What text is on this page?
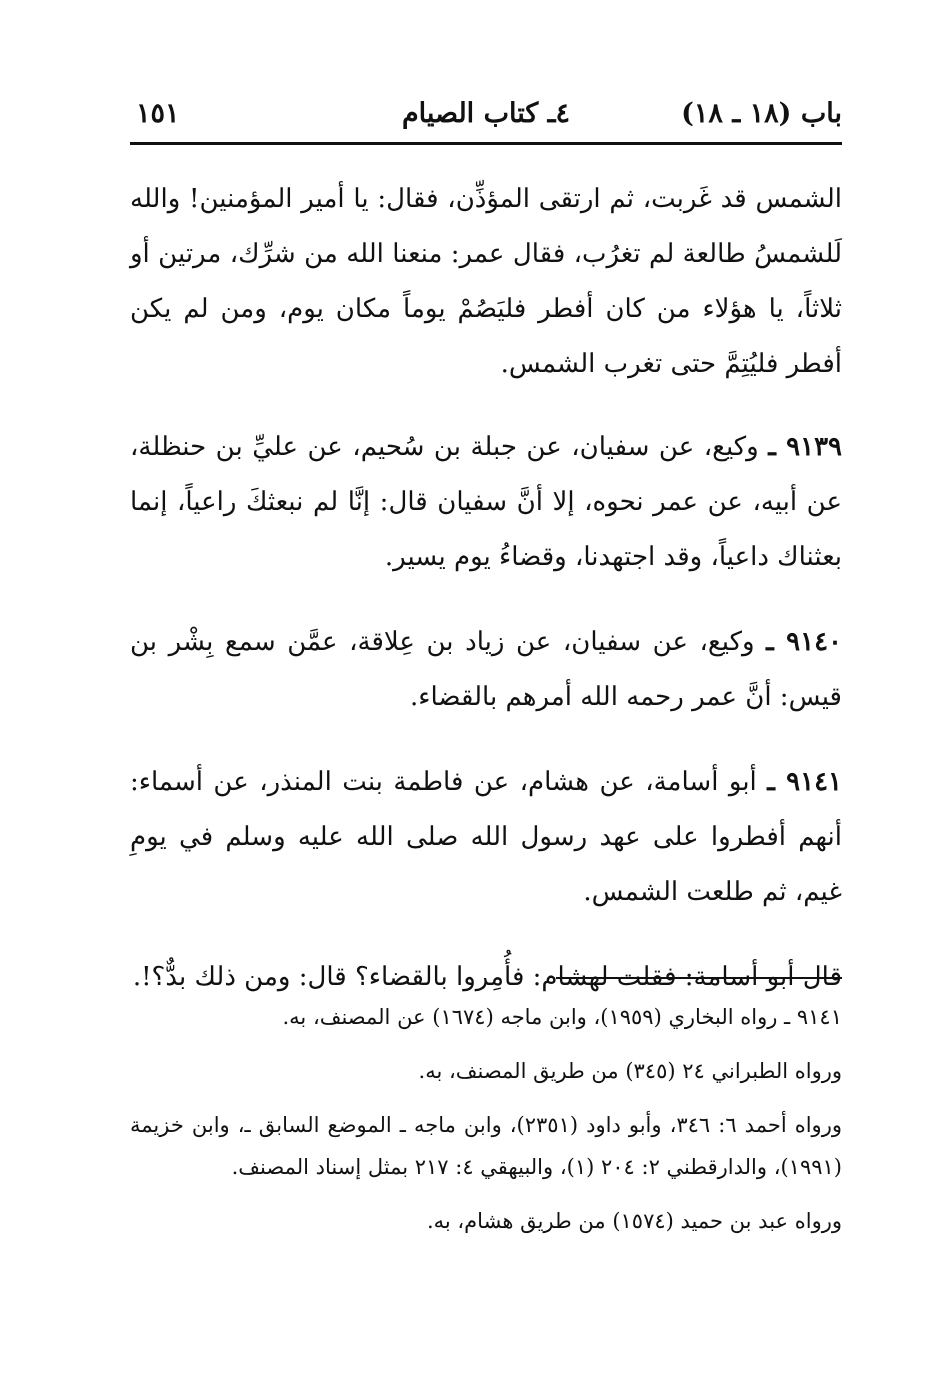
باب (١٨ ـ ١٨)
٤ـ كتاب الصيام
١٥١

الشمس قد غَربت، ثم ارتقى المؤذِّن، فقال: يا أمير المؤمنين! والله لَلشمسُ طالعة لم تغرُب، فقال عمر: منعنا الله من شرِّك، مرتين أو ثلاثاً، يا هؤلاء من كان أفطر فليَصُمْ يوماً مكان يوم، ومن لم يكن أفطر فليُتِمَّ حتى تغرب الشمس.

٩١٣٩ ـ وكيع، عن سفيان، عن جبلة بن سُحيم، عن عليِّ بن حنظلة، عن أبيه، عن عمر نحوه، إلا أنَّ سفيان قال: إنَّا لم نبعثكَ راعياً، إنما بعثناك داعياً، وقد اجتهدنا، وقضاءُ يوم يسير.

٩١٤٠ ـ وكيع، عن سفيان، عن زياد بن عِلاقة، عمَّن سمع بِشْر بن قيس: أنَّ عمر رحمه الله أمرهم بالقضاء.

٩١٤١ ـ أبو أسامة، عن هشام، عن فاطمة بنت المنذر، عن أسماء: أنهم أفطروا على عهد رسول الله صلى الله عليه وسلم في يومِ غيم، ثم طلعت الشمس.

قال أبو أسامة: فقلت لهشام: فأُمِروا بالقضاء؟ قال: ومن ذلك بدٌّ؟!.

٩١٤١ ـ رواه البخاري (١٩٥٩)، وابن ماجه (١٦٧٤) عن المصنف، به.

ورواه الطبراني ٢٤ (٣٤٥) من طريق المصنف، به.

ورواه أحمد ٦: ٣٤٦، وأبو داود (٢٣٥١)، وابن ماجه ـ الموضع السابق ـ، وابن خزيمة (١٩٩١)، والدارقطني ٢: ٢٠٤ (١)، والبيهقي ٤: ٢١٧ بمثل إسناد المصنف.

ورواه عبد بن حميد (١٥٧٤) من طريق هشام، به.
